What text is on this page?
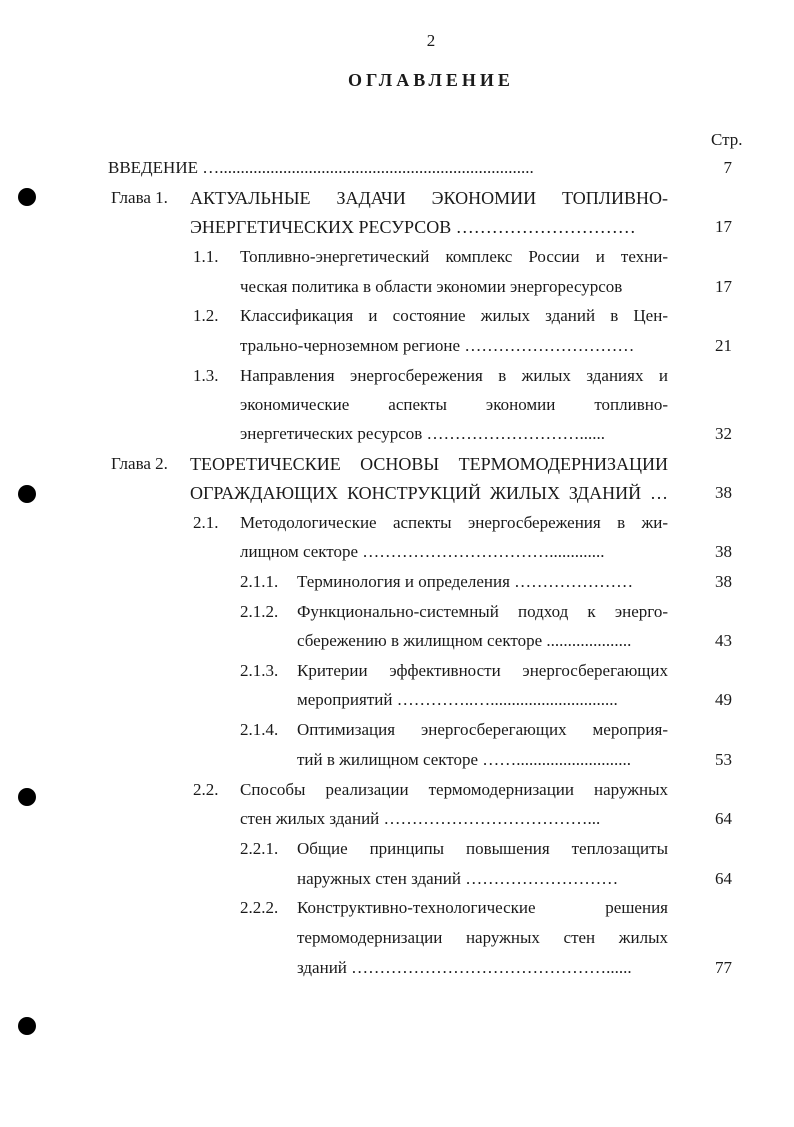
2
ОГЛАВЛЕНИЕ
Стр.
ВВЕДЕНИЕ …..........................................................................	7
Глава 1. АКТУАЛЬНЫЕ ЗАДАЧИ ЭКОНОМИИ ТОПЛИВНО-
ЭНЕРГЕТИЧЕСКИХ РЕСУРСОВ …………………………	17
1.1. Топливно-энергетический комплекс России и техни-
ческая политика в области экономии энергоресурсов	17
1.2. Классификация и состояние жилых зданий в Цен-
трально-черноземном регионе …………………………	21
1.3. Направления энергосбережения в жилых зданиях и
экономические аспекты экономии топливно-
энергетических ресурсов ………………………......	32
Глава 2. ТЕОРЕТИЧЕСКИЕ ОСНОВЫ ТЕРМОМОДЕРНИЗАЦИИ
ОГРАЖДАЮЩИХ КОНСТРУКЦИЙ ЖИЛЫХ ЗДАНИЙ …	38
2.1. Методологические аспекты энергосбережения в жи-
лищном секторе …………………………….............	38
2.1.1. Терминология и определения …………………	38
2.1.2. Функционально-системный подход к энерго-
сбережению в жилищном секторе ....................	43
2.1.3. Критерии эффективности энергосберегающих
мероприятий …………..…..............................	49
2.1.4. Оптимизация энергосберегающих мероприя-
тий в жилищном секторе ……...........................	53
2.2. Способы реализации термомодернизации наружных
стен жилых зданий ………………………………...	64
2.2.1. Общие принципы повышения теплозащиты
наружных стен зданий ………………………	64
2.2.2. Конструктивно-технологические решения
термомодернизации наружных стен жилых
зданий ………………………………………......	77
